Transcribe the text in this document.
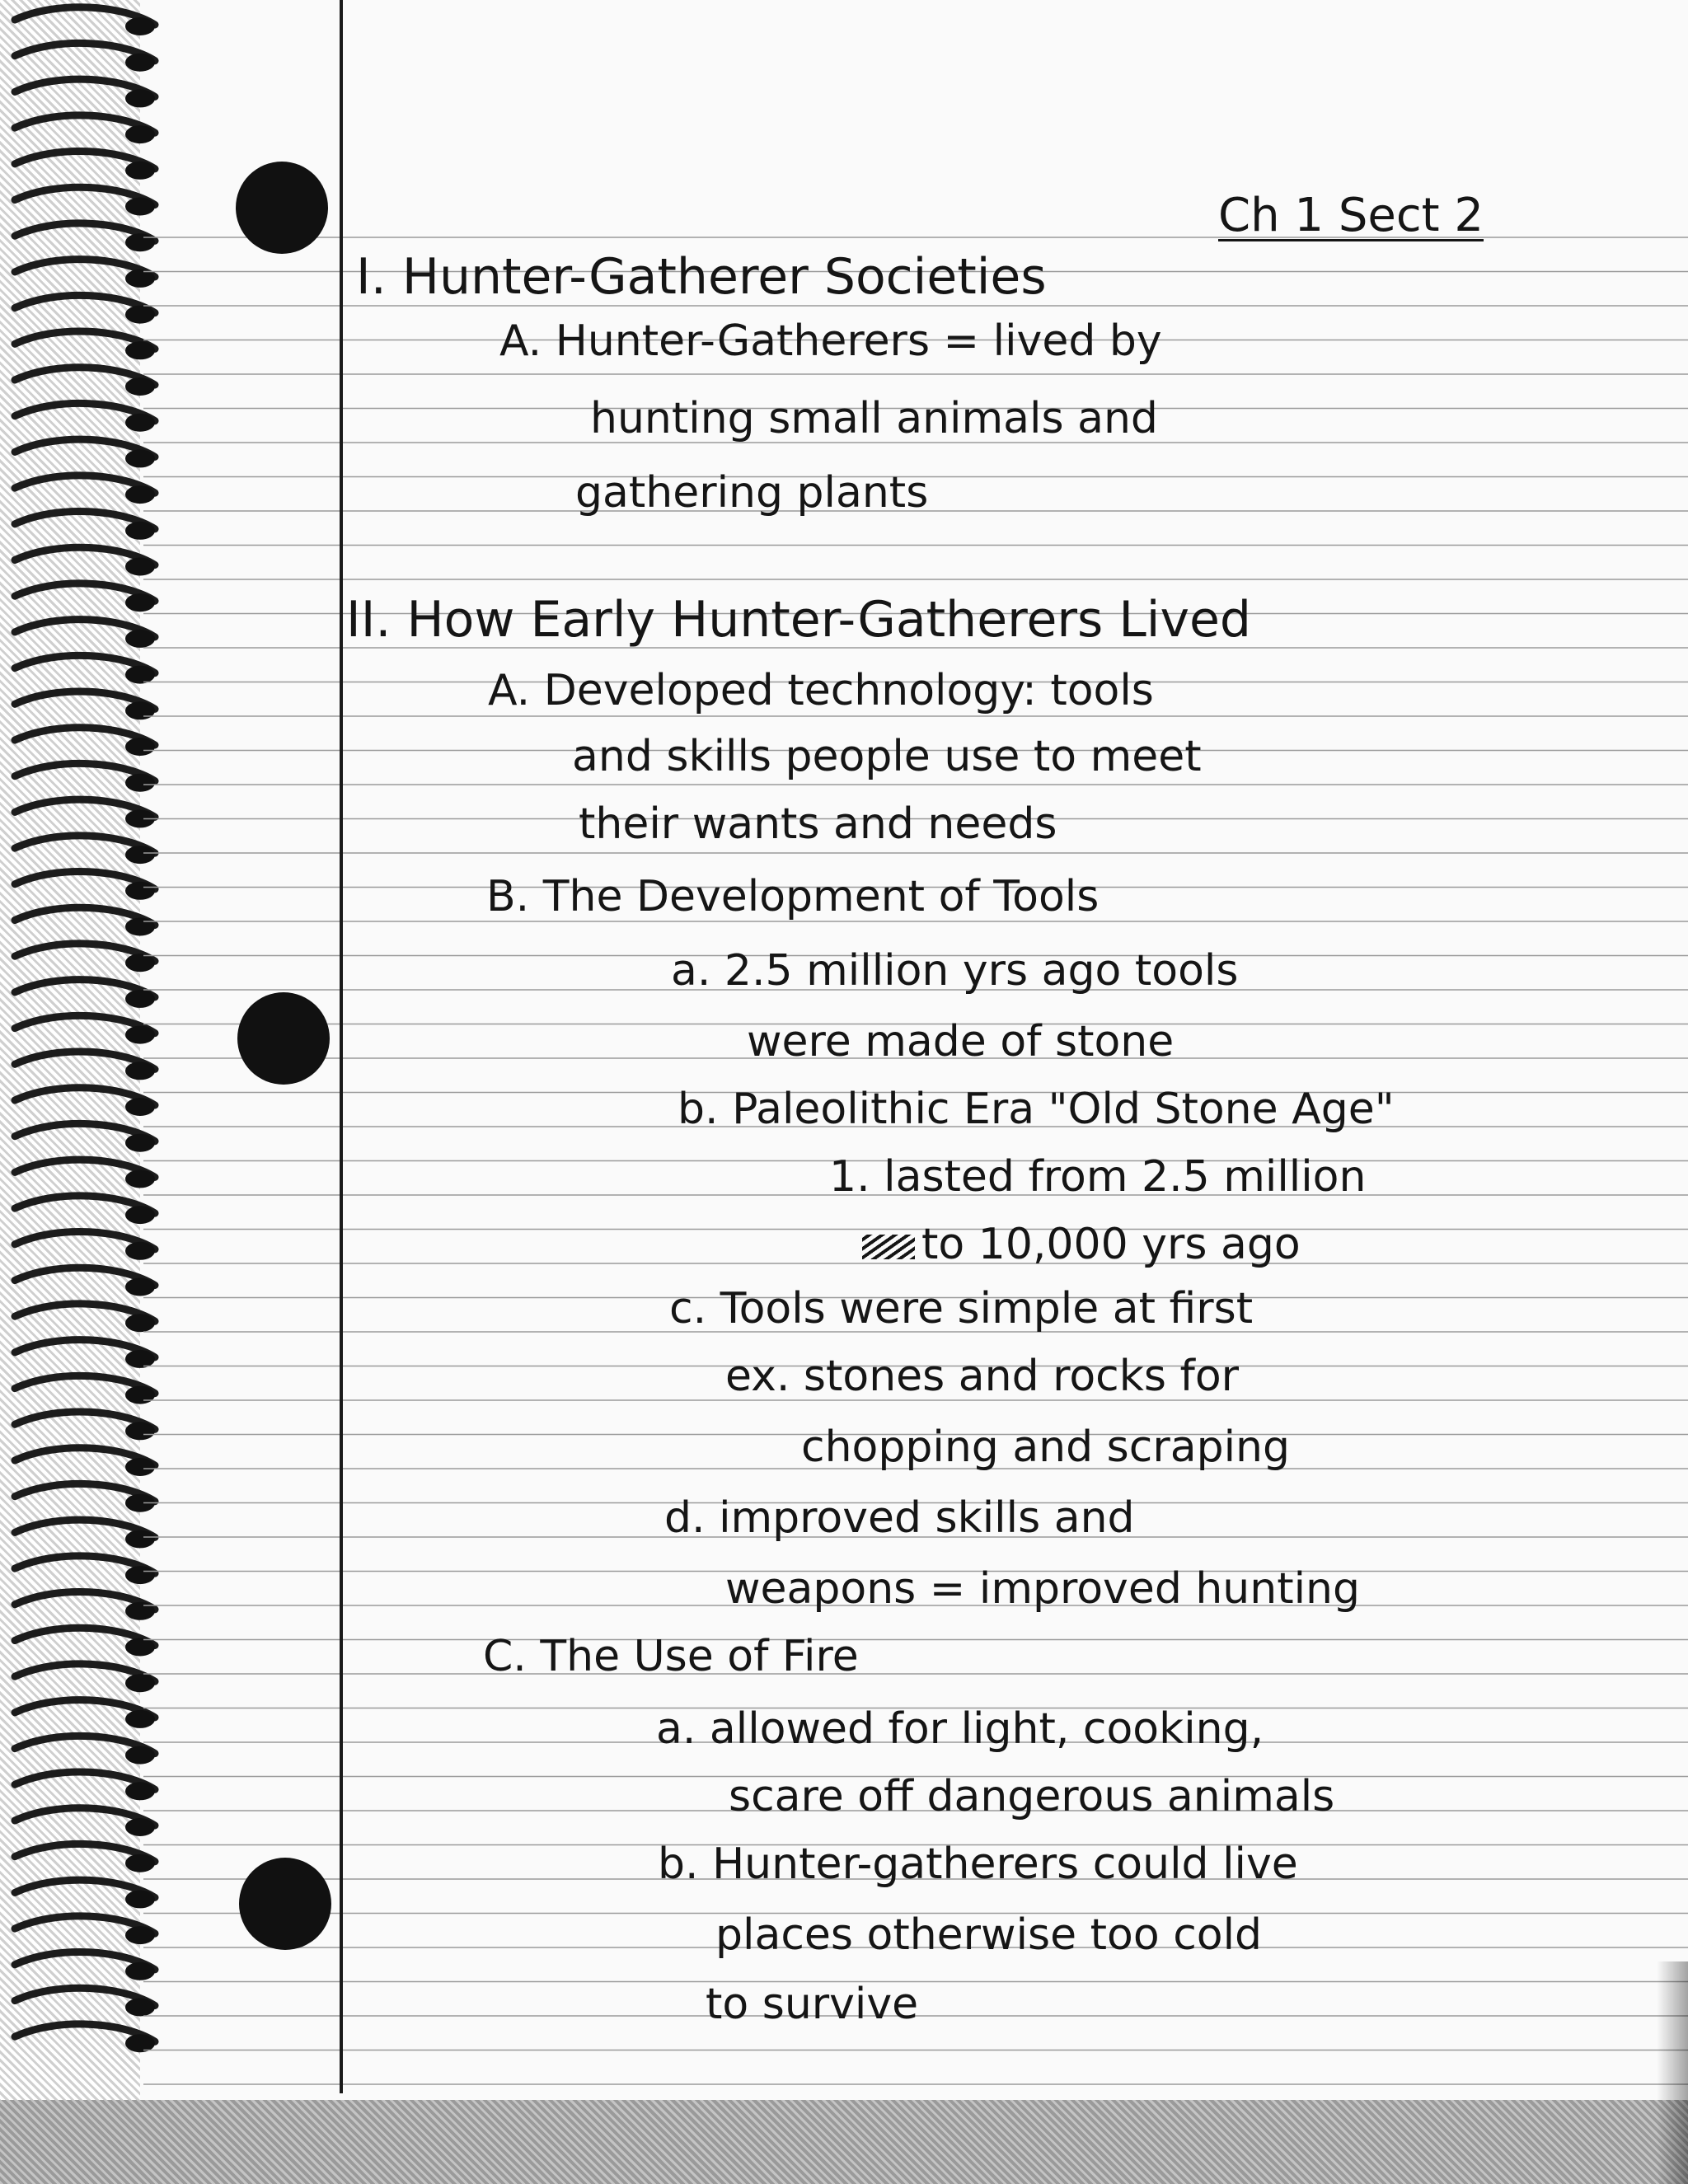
Ch 1 Sect 2
I. Hunter-Gatherer Societies
A. Hunter-Gatherers = lived by
hunting small animals and
gathering plants
II. How Early Hunter-Gatherers Lived
A. Developed technology: tools
and skills people use to meet
their wants and needs
B. The Development of Tools
a. 2.5 million yrs ago tools
were made of stone
b. Paleolithic Era "Old Stone Age"
1. lasted from 2.5 million
to 10,000 yrs ago
c. Tools were simple at first
ex. stones and rocks for
chopping and scraping
d. improved skills and
weapons = improved hunting
C. The Use of Fire
a. allowed for light, cooking,
scare off dangerous animals
b. Hunter-gatherers could live
places otherwise too cold
to survive
